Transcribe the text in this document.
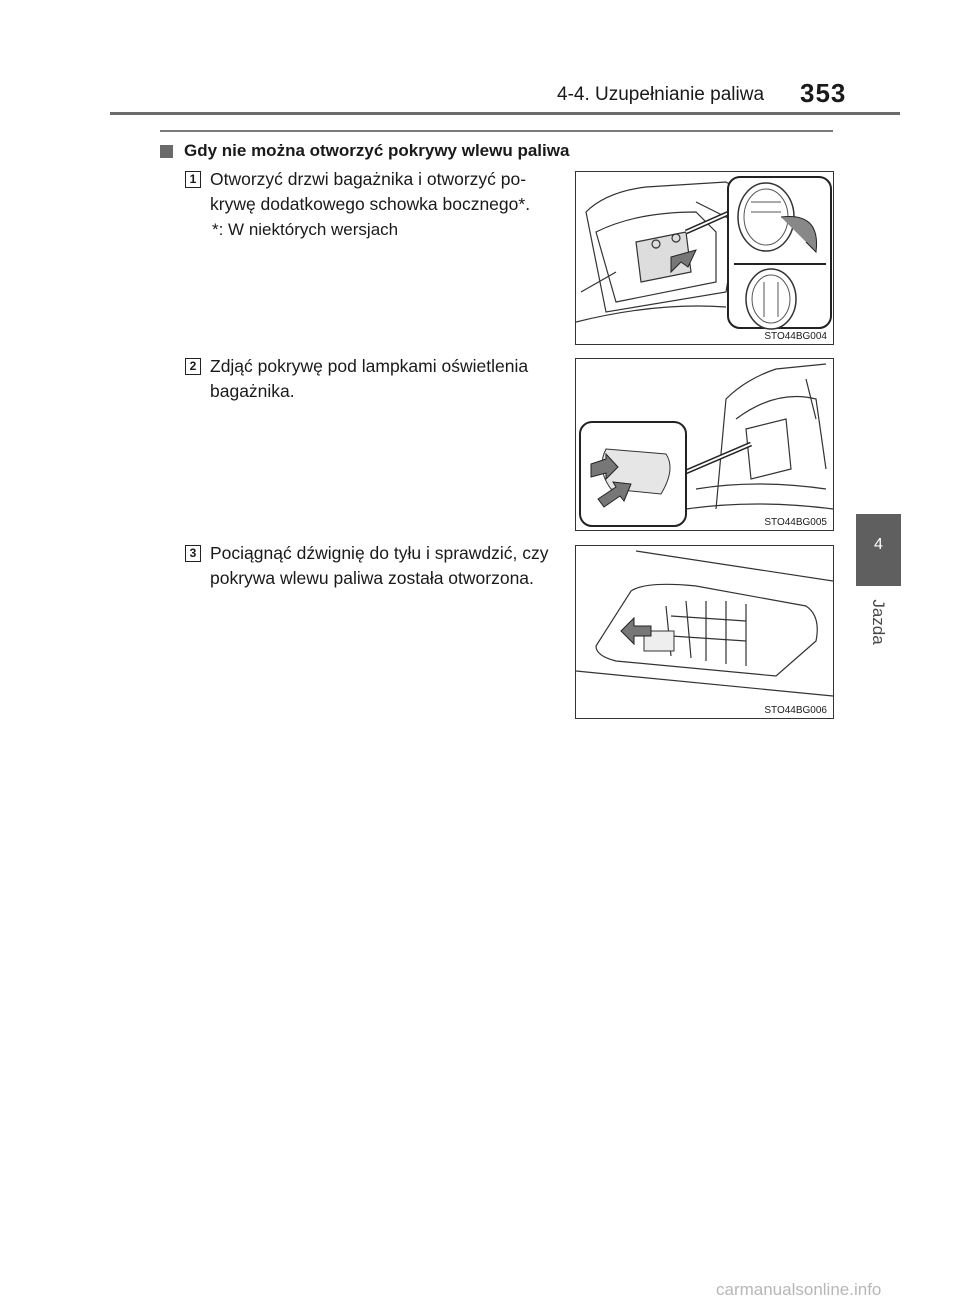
4-4. Uzupełnianie paliwa 353
4
Jazda
Gdy nie można otworzyć pokrywy wlewu paliwa
1 Otworzyć drzwi bagażnika i otworzyć po-
krywę dodatkowego schowka bocznego*.
*: W niektórych wersjach
STO44BG004
2 Zdjąć pokrywę pod lampkami oświetlenia
bagażnika.
STO44BG005
3 Pociągnąć dźwignię do tyłu i sprawdzić, czy
pokrywa wlewu paliwa została otworzona.
STO44BG006
carmanualsonline.info
